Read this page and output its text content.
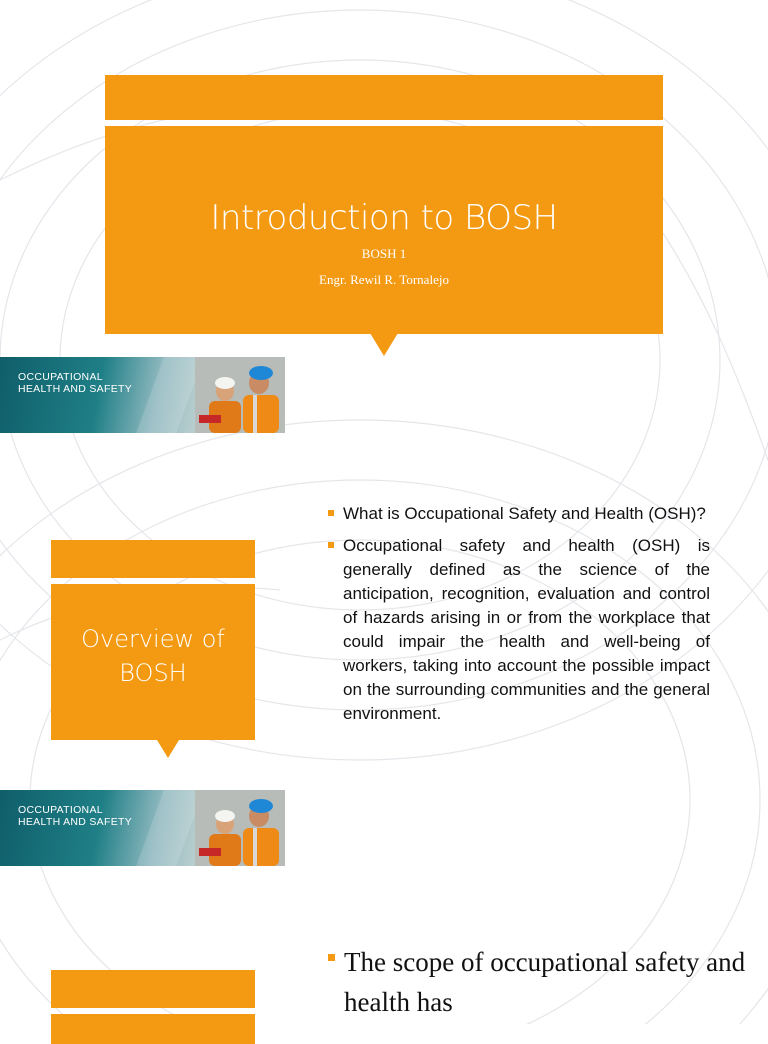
Introduction to BOSH

BOSH 1

Engr. Rewil R. Tornalejo

OCCUPATIONAL
HEALTH AND SAFETY
Overview of
BOSH
What is Occupational Safety and Health (OSH)?
Occupational safety and health (OSH) is generally defined as the science of the anticipation, recognition, evaluation and control of hazards arising in or from the workplace that could impair the health and well-being of workers, taking into account the possible impact on the surrounding communities and the general environment.
OCCUPATIONAL
HEALTH AND SAFETY
The scope of occupational safety and health has
